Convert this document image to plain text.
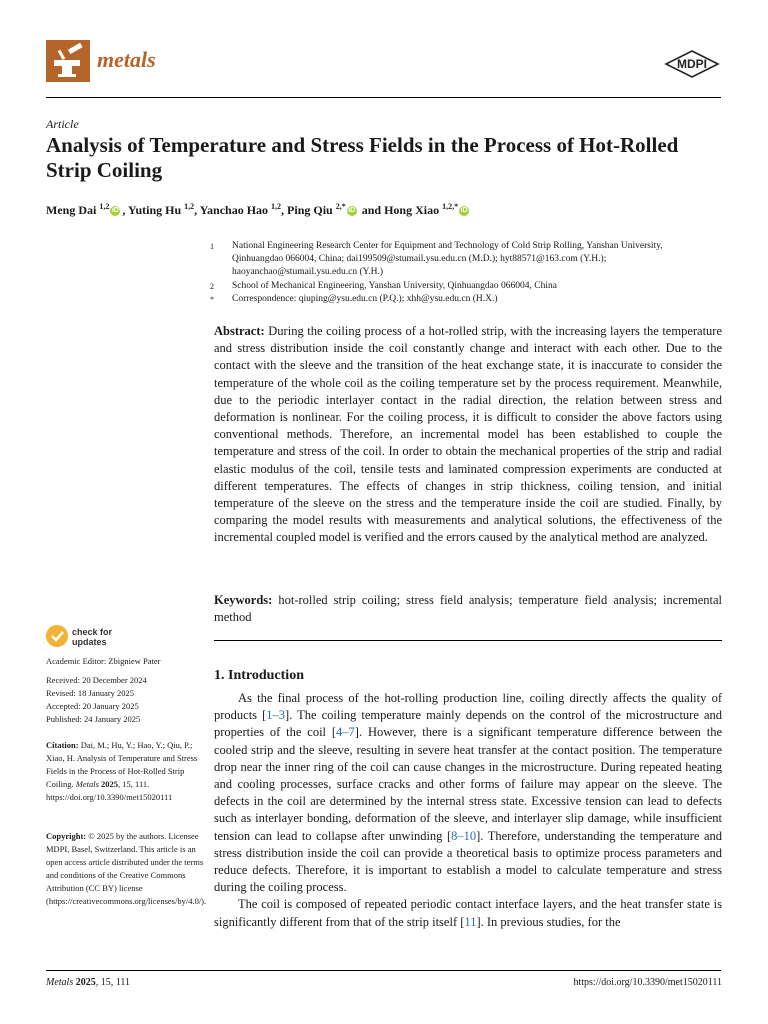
metals	MDPI
Article
Analysis of Temperature and Stress Fields in the Process of Hot-Rolled Strip Coiling
Meng Dai $^{1,2}$ iD , Yuting Hu $^{1,2}$, Yanchao Hao $^{1,2}$, Ping Qiu $^{2,*}$ iD and Hong Xiao $^{1,2,*}$ iD
1	National Engineering Research Center for Equipment and Technology of Cold Strip Rolling, Yanshan University, Qinhuangdao 066004, China; dai199509@stumail.ysu.edu.cn (M.D.); hyt88571@163.com (Y.H.); haoyanchao@stumail.ysu.edu.cn (Y.H.)
2	School of Mechanical Engineering, Yanshan University, Qinhuangdao 066004, China
*	Correspondence: qiuping@ysu.edu.cn (P.Q.); xhh@ysu.edu.cn (H.X.)
Abstract: During the coiling process of a hot-rolled strip, with the increasing layers the temperature and stress distribution inside the coil constantly change and interact with each other. Due to the contact with the sleeve and the transition of the heat exchange state, it is inaccurate to consider the temperature of the whole coil as the coiling temperature set by the process requirement. Meanwhile, due to the periodic interlayer contact in the radial direction, the relation between stress and deformation is nonlinear. For the coiling process, it is difficult to consider the above factors using conventional methods. Therefore, an incremental model has been established to couple the temperature and stress of the coil. In order to obtain the mechanical properties of the strip and radial elastic modulus of the coil, tensile tests and laminated compression experiments are conducted at different temperatures. The effects of changes in strip thickness, coiling tension, and initial temperature of the sleeve on the stress and the temperature inside the coil are studied. Finally, by comparing the model results with measurements and analytical solutions, the effectiveness of the incremental coupled model is verified and the errors caused by the analytical method are analyzed.
Keywords: hot-rolled strip coiling; stress field analysis; temperature field analysis; incremental method
check for
updates
Academic Editor: Zbigniew Pater
Received: 20 December 2024
Revised: 18 January 2025
Accepted: 20 January 2025
Published: 24 January 2025
Citation: Dai, M.; Hu, Y.; Hao, Y.; Qiu, P.; Xiao, H. Analysis of Temperature and Stress Fields in the Process of Hot-Rolled Strip Coiling. Metals 2025, 15, 111. https://doi.org/10.3390/met15020111
Copyright: © 2025 by the authors. Licensee MDPI, Basel, Switzerland. This article is an open access article distributed under the terms and conditions of the Creative Commons Attribution (CC BY) license (https://creativecommons.org/licenses/by/4.0/).
1. Introduction

As the final process of the hot-rolling production line, coiling directly affects the quality of products [1–3]. The coiling temperature mainly depends on the control of the microstructure and properties of the coil [4–7]. However, there is a significant temperature difference between the cooled strip and the sleeve, resulting in severe heat transfer at the contact position. The temperature drop near the inner ring of the coil can cause changes in the microstructure. During repeated heating and cooling processes, surface cracks and other forms of failure may appear on the sleeve. The defects in the coil are determined by the internal stress state. Excessive tension can lead to defects such as interlayer bonding, deformation of the sleeve, and interlayer slip damage, while insufficient tension can lead to collapse after unwinding [8–10]. Therefore, understanding the temperature and stress distribution inside the coil can provide a theoretical basis to optimize process parameters and reduce defects. Therefore, it is important to establish a model to calculate temperature and stress during the coiling process.

The coil is composed of repeated periodic contact interface layers, and the heat transfer state is significantly different from that of the strip itself [11]. In previous studies, for the

Metals 2025, 15, 111	https://doi.org/10.3390/met15020111
